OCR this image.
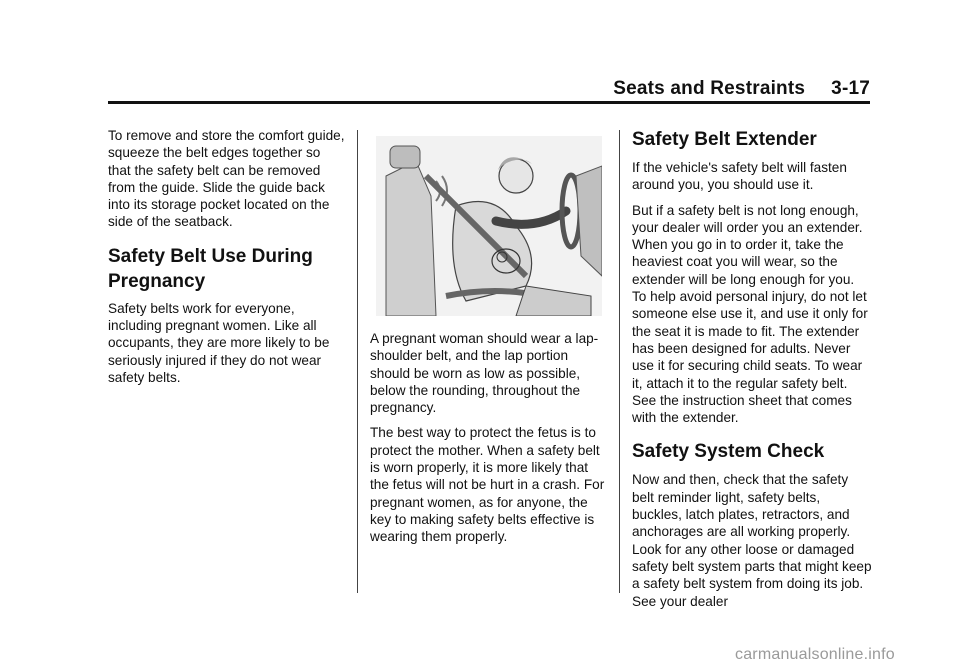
Seats and Restraints 3-17

To remove and store the comfort guide, squeeze the belt edges together so that the safety belt can be removed from the guide. Slide the guide back into its storage pocket located on the side of the seatback.

Safety Belt Use During Pregnancy

Safety belts work for everyone, including pregnant women. Like all occupants, they are more likely to be seriously injured if they do not wear safety belts.

A pregnant woman should wear a lap-shoulder belt, and the lap portion should be worn as low as possible, below the rounding, throughout the pregnancy.

The best way to protect the fetus is to protect the mother. When a safety belt is worn properly, it is more likely that the fetus will not be hurt in a crash. For pregnant women, as for anyone, the key to making safety belts effective is wearing them properly.

Safety Belt Extender

If the vehicle's safety belt will fasten around you, you should use it.

But if a safety belt is not long enough, your dealer will order you an extender. When you go in to order it, take the heaviest coat you will wear, so the extender will be long enough for you. To help avoid personal injury, do not let someone else use it, and use it only for the seat it is made to fit. The extender has been designed for adults. Never use it for securing child seats. To wear it, attach it to the regular safety belt. See the instruction sheet that comes with the extender.

Safety System Check

Now and then, check that the safety belt reminder light, safety belts, buckles, latch plates, retractors, and anchorages are all working properly. Look for any other loose or damaged safety belt system parts that might keep a safety belt system from doing its job. See your dealer

carmanualsonline.info
